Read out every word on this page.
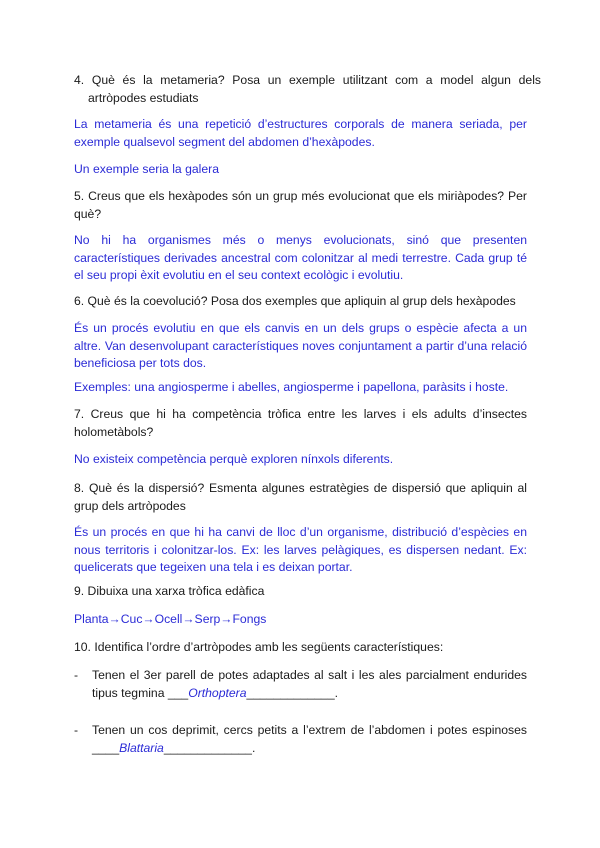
4. Què és la metameria? Posa un exemple utilitzant com a model algun dels artròpodes estudiats

La metameria és una repetició d’estructures corporals de manera seriada, per exemple qualsevol segment del abdomen d’hexàpodes.

Un exemple seria la galera

5. Creus que els hexàpodes són un grup més evolucionat que els miriàpodes? Per què?

No hi ha organismes més o menys evolucionats, sinó que presenten característiques derivades ancestral com colonitzar al medi terrestre. Cada grup té el seu propi èxit evolutiu en el seu context ecològic i evolutiu.

6. Què és la coevolució? Posa dos exemples que apliquin al grup dels hexàpodes

És un procés evolutiu en que els canvis en un dels grups o espècie afecta a un altre. Van desenvolupant característiques noves conjuntament a partir d’una relació beneficiosa per tots dos.

Exemples: una angiosperme i abelles, angiosperme i papellona, paràsits i hoste.

7. Creus que hi ha competència tròfica entre les larves i els adults d’insectes holometàbols?

No existeix competència perquè exploren nínxols diferents.

8. Què és la dispersió? Esmenta algunes estratègies de dispersió que apliquin al grup dels artròpodes

És un procés en que hi ha canvi de lloc d’un organisme, distribució d’espècies en nous territoris i colonitzar-los. Ex: les larves pelàgiques, es dispersen nedant. Ex: quelicerats que tegeixen una tela i es deixan portar.

9. Dibuixa una xarxa tròfica edàfica

Planta→Cuc→Ocell→Serp→Fongs

10. Identifica l’ordre d’artròpodes amb les següents característiques:

-	Tenen el 3er parell de potes adaptades al salt i les ales parcialment endurides tipus tegmina ___Orthoptera_____________.
-	Tenen un cos deprimit, cercs petits a l’extrem de l’abdomen i potes espinoses ____Blattaria_____________.
